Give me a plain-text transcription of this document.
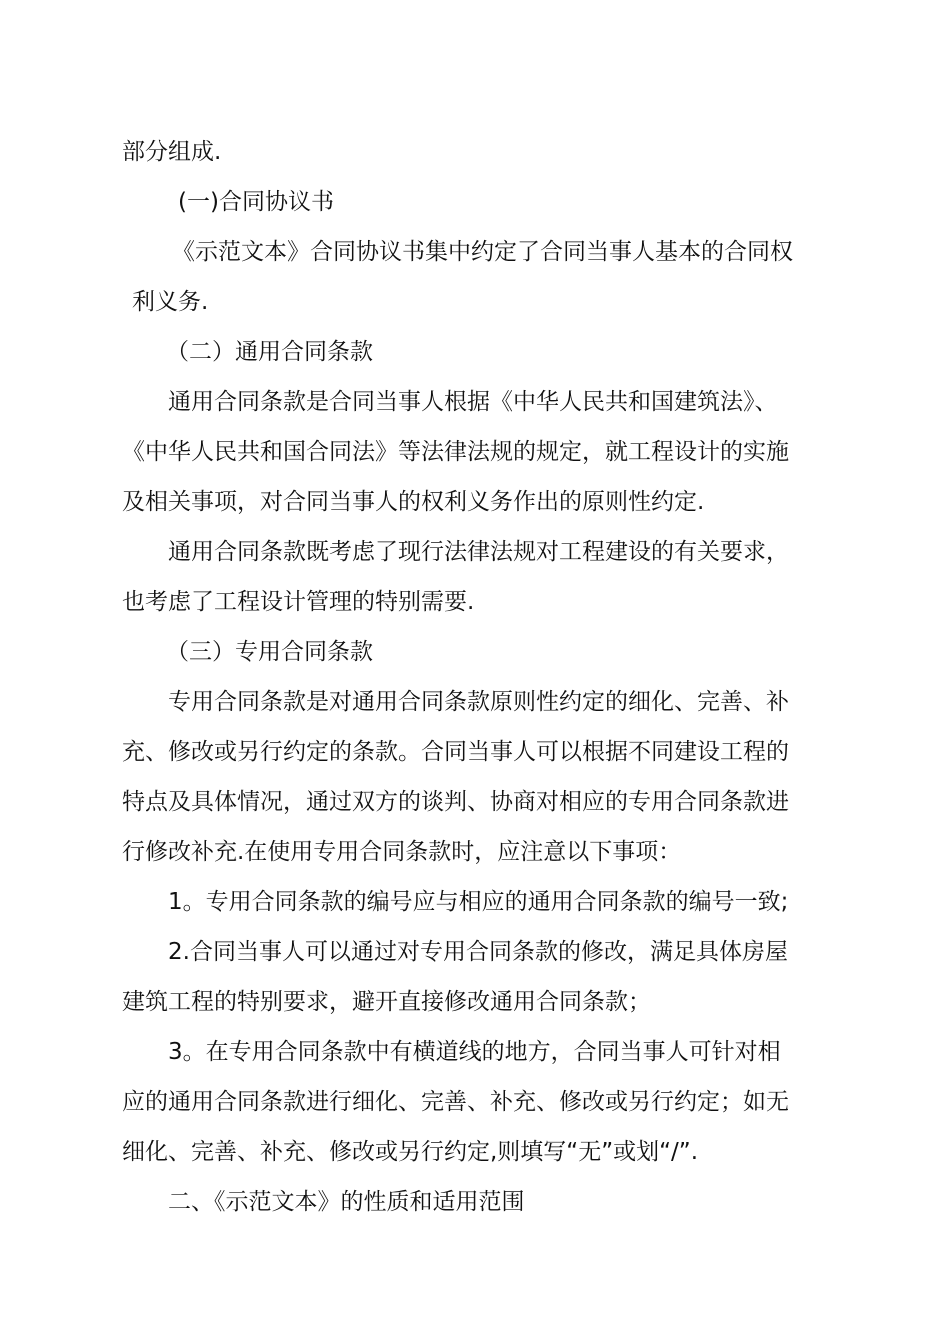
部分组成.
(一)合同协议书
《示范文本》合同协议书集中约定了合同当事人基本的合同权
利义务.
（二）通用合同条款
通用合同条款是合同当事人根据《中华人民共和国建筑法》、
《中华人民共和国合同法》等法律法规的规定，就工程设计的实施
及相关事项，对合同当事人的权利义务作出的原则性约定.
通用合同条款既考虑了现行法律法规对工程建设的有关要求，
也考虑了工程设计管理的特别需要.
（三）专用合同条款
专用合同条款是对通用合同条款原则性约定的细化、完善、补
充、修改或另行约定的条款。合同当事人可以根据不同建设工程的
特点及具体情况，通过双方的谈判、协商对相应的专用合同条款进
行修改补充.在使用专用合同条款时，应注意以下事项：
1。专用合同条款的编号应与相应的通用合同条款的编号一致;
2.合同当事人可以通过对专用合同条款的修改，满足具体房屋
建筑工程的特别要求，避开直接修改通用合同条款；
3。在专用合同条款中有横道线的地方，合同当事人可针对相
应的通用合同条款进行细化、完善、补充、修改或另行约定；如无
细化、完善、补充、修改或另行约定,则填写“无”或划“/”.
二、《示范文本》的性质和适用范围
